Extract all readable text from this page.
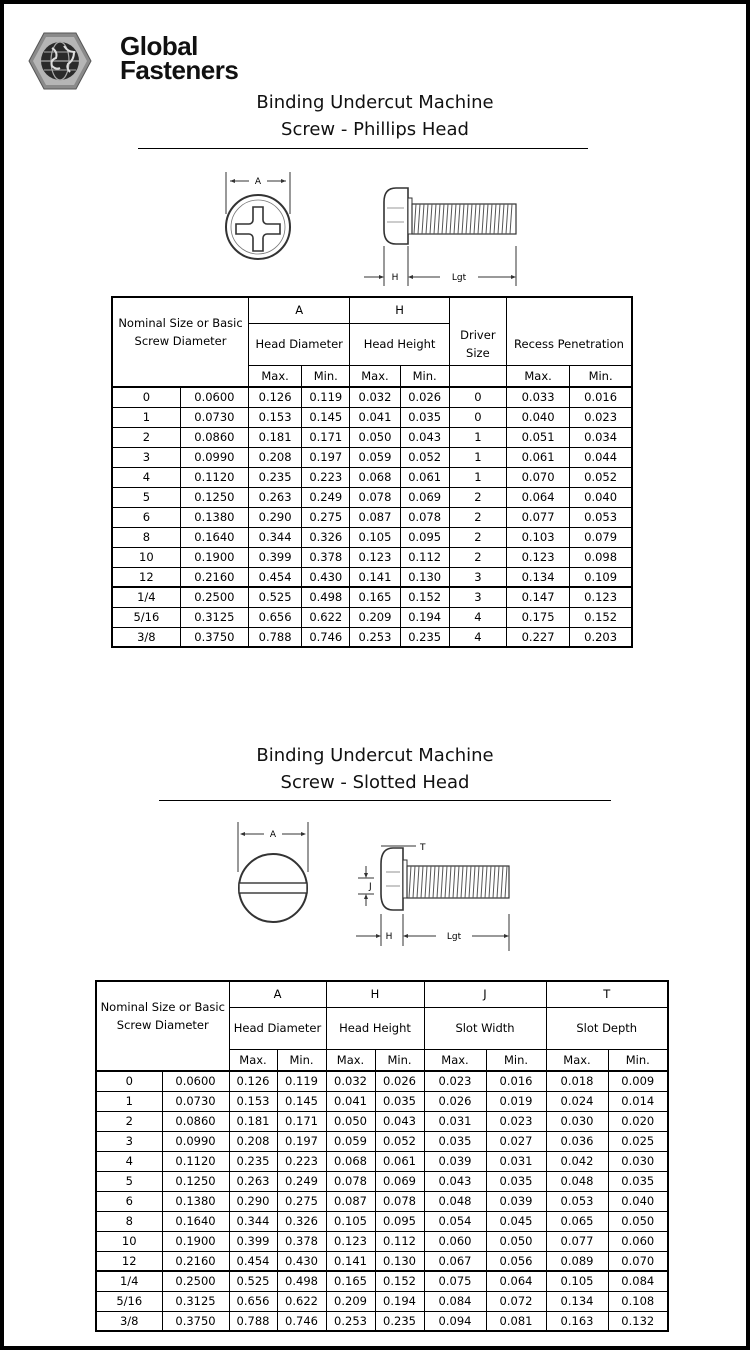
Global
Fasteners
Binding Undercut Machine
Screw - Phillips Head
A
H	Lgt
Nominal Size or Basic Screw Diameter		A		H				
		Head Diameter		Head Height		Driver Size	Recess Penetration	
		Max.	Min.	Max.	Min.		Max.	Min.
0	0.0600	0.126	0.119	0.032	0.026	0	0.033	0.016
1	0.0730	0.153	0.145	0.041	0.035	0	0.040	0.023
2	0.0860	0.181	0.171	0.050	0.043	1	0.051	0.034
3	0.0990	0.208	0.197	0.059	0.052	1	0.061	0.044
4	0.1120	0.235	0.223	0.068	0.061	1	0.070	0.052
5	0.1250	0.263	0.249	0.078	0.069	2	0.064	0.040
6	0.1380	0.290	0.275	0.087	0.078	2	0.077	0.053
8	0.1640	0.344	0.326	0.105	0.095	2	0.103	0.079
10	0.1900	0.399	0.378	0.123	0.112	2	0.123	0.098
12	0.2160	0.454	0.430	0.141	0.130	3	0.134	0.109
1/4	0.2500	0.525	0.498	0.165	0.152	3	0.147	0.123
5/16	0.3125	0.656	0.622	0.209	0.194	4	0.175	0.152
3/8	0.3750	0.788	0.746	0.253	0.235	4	0.227	0.203
Binding Undercut Machine
Screw - Slotted Head
A
T
J
H	Lgt
Nominal Size or Basic Screw Diameter		A		H		J		T	
		Head Diameter		Head Height		Slot Width		Slot Depth	
		Max.	Min.	Max.	Min.	Max.	Min.	Max.	Min.
0	0.0600	0.126	0.119	0.032	0.026	0.023	0.016	0.018	0.009
1	0.0730	0.153	0.145	0.041	0.035	0.026	0.019	0.024	0.014
2	0.0860	0.181	0.171	0.050	0.043	0.031	0.023	0.030	0.020
3	0.0990	0.208	0.197	0.059	0.052	0.035	0.027	0.036	0.025
4	0.1120	0.235	0.223	0.068	0.061	0.039	0.031	0.042	0.030
5	0.1250	0.263	0.249	0.078	0.069	0.043	0.035	0.048	0.035
6	0.1380	0.290	0.275	0.087	0.078	0.048	0.039	0.053	0.040
8	0.1640	0.344	0.326	0.105	0.095	0.054	0.045	0.065	0.050
10	0.1900	0.399	0.378	0.123	0.112	0.060	0.050	0.077	0.060
12	0.2160	0.454	0.430	0.141	0.130	0.067	0.056	0.089	0.070
1/4	0.2500	0.525	0.498	0.165	0.152	0.075	0.064	0.105	0.084
5/16	0.3125	0.656	0.622	0.209	0.194	0.084	0.072	0.134	0.108
3/8	0.3750	0.788	0.746	0.253	0.235	0.094	0.081	0.163	0.132
